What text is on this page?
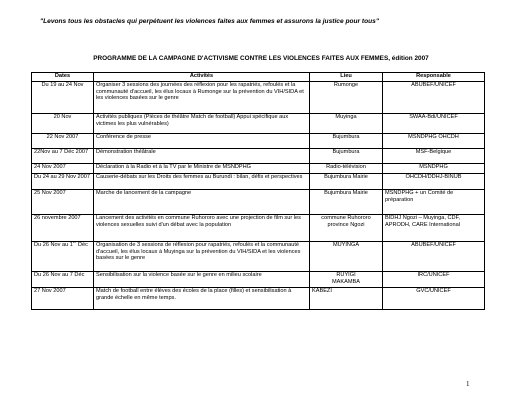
"Levons tous les obstacles qui perpétuent les violences faites aux femmes et assurons la justice pour tous"
PROGRAMME DE LA CAMPAGNE D'ACTIVISME CONTRE LES VIOLENCES FAITES AUX FEMMES, édition 2007
Dates	Activités	Lieu	Responsable
Du 19 au 24 Nov	Organiser 3 sessions des journées des réflexion pour les rapatriés, refoulés et la communauté d'accueil, les élus locaux à Rumonge sur la prévention du VIH/SIDA et les violences basées sur le genre	Rumonge	ABUBEF/UNICEF
20 Nov	Activités publiques (Pièces de théâtre Match de football) Appui spécifique aux victimes les plus vulnérables)	Muyinga	SWAA-Bdi/UNICEF
22 Nov 2007	Conférence de presse	Bujumbura	MSNDPHG OHCDH
22Nov au 7 Déc 2007	Démonstration théâtrale	Bujumbura	MSF-Belgique
24 Nov 2007	Déclaration à la Radio et à la TV par le Ministre de MSNDPHG	Radio-télévision	MSNDPHG
Du 24 au 29 Nov 2007	Causerie-débats sur les Droits des femmes au Burundi : bilan, défis et perspectives	Bujumbura Mairie	OHCDH/DDHJ-BINUB
25 Nov 2007	Marche de lancement de la campagne	Bujumbura Mairie	MSNDPHG + un Comité de préparation
26 novembre 2007	Lancement des activités en commune Ruhororo avec une projection de film sur les violences sexuelles suivi d'un débat avec la population	commune Ruhororo province Ngozi	BIDHJ Ngozi – Muyinga, CDF, APRODH, CARE International
Du 26 Nov au 1er Déc	Organisation de 3 sessions de réflexion pour rapatriés, refoulés et la communauté d'accueil, les élus locaux à Muyinga sur la prévention du VIH/SIDA et les violences basées sur le genre	MUYINGA	ABUBEF/UNICEF
Du 26 Nov au 7 Déc	Sensibilisation sur la violence basée sur le genre en milieu scolaire	RUYIGI MAKAMBA	IRC/UNICEF
27 Nov 2007	Match de football entre élèves des écoles de la place (filles) et sensibilisation à grande échelle en même temps.	KABEZI	GVC/UNICEF
1
